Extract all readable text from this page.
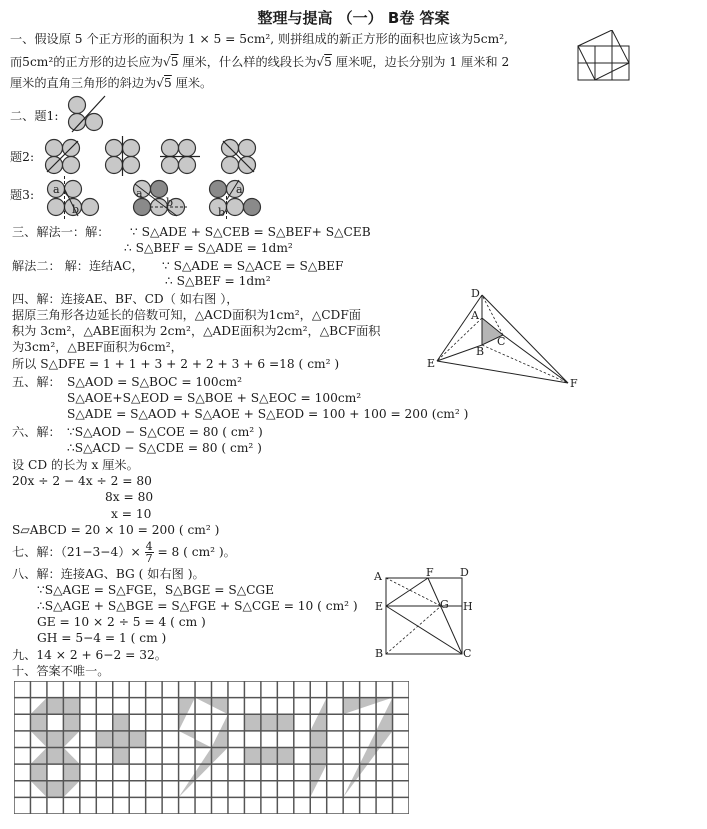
整理与提高 （一） B卷 答案
一、假设原 5 个正方形的面积为 1 × 5 = 5cm², 则拼组成的新正方形的面积也应该为5cm²,
而5cm²的正方形的边长应为√5 厘米，什么样的线段长为√5 厘米呢，边长分别为 1 厘米和 2
厘米的直角三角形的斜边为√5 厘米。
二、题1:
题2:
题3: a
b
a
b
a
b
三、解法一：解： ∵ S△ADE + S△CEB = S△BEF+ S△CEB
∴ S△BEF = S△ADE = 1dm²
解法二： 解：连结AC， ∵ S△ADE = S△ACE = S△BEF
∴ S△BEF = 1dm²
四、解：连接AE、BF、CD（ 如右图 ），
据原三角形各边延长的倍数可知，△ACD面积为1cm²，△CDF面
积为 3cm²，△ABE面积为 2cm²，△ADE面积为2cm²，△BCF面积
为3cm²，△BEF面积为6cm²，
所以 S△DFE = 1 + 1 + 3 + 2 + 2 + 3 + 6 =18 ( cm² )
D
A
C
B
E
F
五、解： S△AOD = S△BOC = 100cm²
S△AOE+S△EOD = S△BOE + S△EOC = 100cm²
S△ADE = S△AOD + S△AOE + S△EOD = 100 + 100 = 200 (cm² )
六、解： ∵S△AOD − S△COE = 80 ( cm² )
∴S△ACD − S△CDE = 80 ( cm² )
设 CD 的长为 x 厘米。
20x ÷ 2 − 4x ÷ 2 = 80
8x = 80
x = 10
S▱ABCD = 20 × 10 = 200 ( cm² )
七、解：$(21-3-4)\times \frac{4}{7} = 8$ ( cm² )。
八、解：连接AG、BG ( 如右图 )。
∵S△AGE = S△FGE，S△BGE = S△CGE
∴S△AGE + S△BGE = S△FGE + S△CGE = 10 ( cm² )
GE = 10 × 2 ÷ 5 = 4 ( cm )
GH = 5−4 = 1 ( cm )
A	F D
E	G H
B	C
九、14 × 2 + 6−2 = 32。
十、答案不唯一。
